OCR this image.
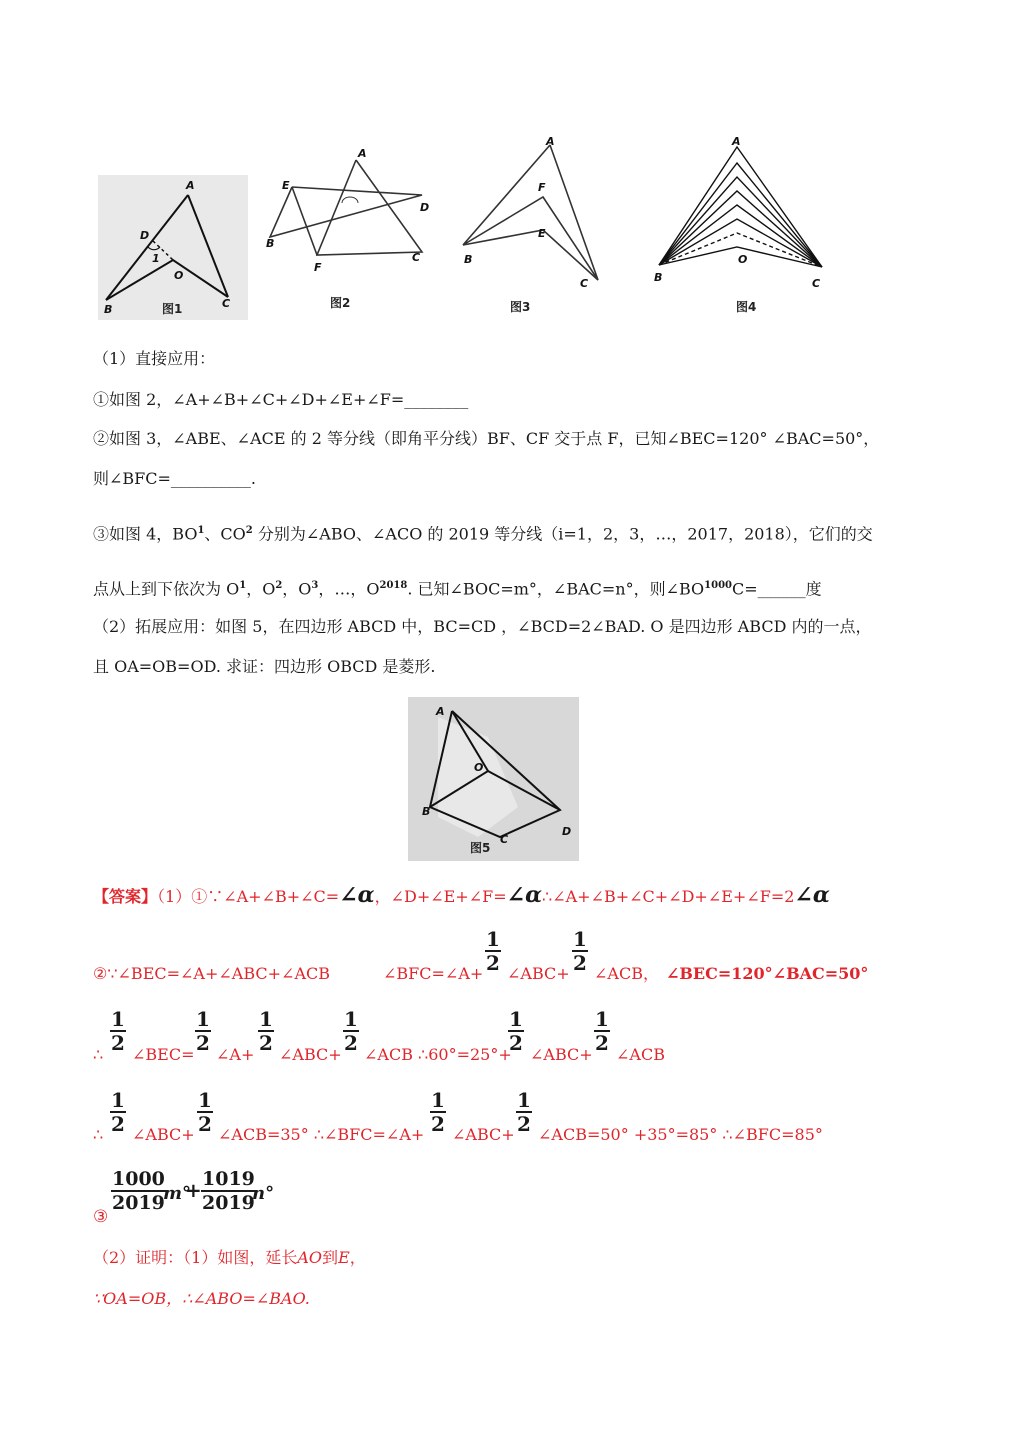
A
D
1
O
B	C
图1
A
E
D
B
F
C
图2
A
F
E
B
C
图3
A
O
B	C
图4
（1）直接应用：
①如图 2，∠A+∠B+∠C+∠D+∠E+∠F=________
②如图 3，∠ABE、∠ACE 的 2 等分线（即角平分线）BF、CF 交于点 F，已知∠BEC=120° ∠BAC=50°，
则∠BFC=__________.
③如图 4，$BO^1$、$CO^2$ 分别为∠ABO、∠ACO 的 2019 等分线（i=1，2，3，…，2017，2018），它们的交
点从上到下依次为 $O^1$，$O^2$，$O^3$，…，$O^{2018}$. 已知∠BOC=m°，∠BAC=n°，则$\angle BO^{1000}C=\_\_\_\_\_\_$度
（2）拓展应用：如图 5，在四边形 ABCD 中，BC=CD ，∠BCD=2∠BAD. O 是四边形 ABCD 内的一点，
且 OA=OB=OD. 求证：四边形 OBCD 是菱形.
A
O
D
B
C
图5
【答案】（1）①∵∠A+∠B+∠C=∠α，∠D+∠E+∠F=∠α∴∠A+∠B+∠C+∠D+∠E+∠F=2∠α
②∵∠BEC=∠A+∠ABC+∠ACB	∠BFC=∠A+ $\frac{1}{2}$ ∠ABC+ $\frac{1}{2}$ ∠ACB， ∠BEC=120°∠BAC=50°
∴
$\frac{1}{2}$
∠BEC=
$\frac{1}{2}$
∠A+
$\frac{1}{2}$
∠ABC+
$\frac{1}{2}$
∠ACB ∴60°=25°+
$\frac{1}{2}$
∠ABC+
$\frac{1}{2}$
∠ACB
∴ $\frac{1}{2}$ ∠ABC+ $\frac{1}{2}$ ∠ACB=35° ∴∠BFC=∠A+ $\frac{1}{2}$ ∠ABC+ $\frac{1}{2}$ ∠ACB=50° +35°=85° ∴∠BFC=85°
$\frac{1000}{2019}$
m°
+ $\frac{1019}{2019}$
n°
③
（2）证明：（1）如图，延长AO到E，
∵OA=OB，∴∠ABO=∠BAO.
